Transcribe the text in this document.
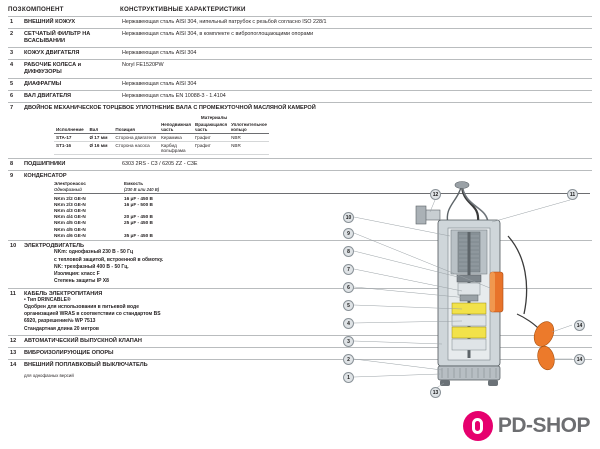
ПОЗ.
КОМПОНЕНТ	КОНСТРУКТИВНЫЕ ХАРАКТЕРИСТИКИ
1	ВНЕШНИЙ КОЖУХ	Нержавеющая сталь AISI 304, нипельный патрубок с резьбой согласно ISO 228/1
2	СЕТЧАТЫЙ ФИЛЬТР НА ВСАСЫВАНИИ	Нержавеющая сталь AISI 304, в комплекте с вибропоглощающими опорами
3	КОЖУХ ДВИГАТЕЛЯ	Нержавеющая сталь AISI 304
4	РАБОЧИЕ КОЛЕСА и ДИФФУЗОРЫ	Noryl FE1520PW
5	ДИАФРАГМЫ	Нержавеющая сталь AISI 304
6	ВАЛ ДВИГАТЕЛЯ	Нержавеющая сталь EN 10088-3 - 1.4104
7	ДВОЙНОЕ МЕХАНИЧЕСКОЕ ТОРЦЕВОЕ УПЛОТНЕНИЕ ВАЛА С ПРОМЕЖУТОЧНОЙ МАСЛЯНОЙ КАМЕРОЙ
Исполнение	Вал	Позиция	Материалы
Неподвижная часть	Вращающаяся часть	Уплотнительное кольцо
STA-17	Ø 17 мм	Сторона двигателя	Керамика	Графит	NBR
ST1-16	Ø 16 мм	Сторона насоса	Карбид вольфрама	Графит	NBR

8	ПОДШИПНИКИ	6303 2RS - C3 / 6205 ZZ - C3E
9	КОНДЕНСАТОР
Электронасос	Емкость
Однофазный	(230 В или 240 В)
NKm 2/2 GE-N	16 μF - 450 B
NKm 2/3 GE-N	16 μF - 500 B
NKm 4/3 GE-N
NKm 4/4 GE-N	20 μF - 450 B
NKm 4/5 GE-N	25 μF - 450 B
NKm 4/5 GE-N
NKm 4/6 GE-N	35 μF - 450 B

10	ЭЛЕКТРОДВИГАТЕЛЬ
NKm: однофазный 230 В - 50 Гц
с тепловой защитой, встроенной в обмотку.
NK: трехфазный 400 В - 50 Гц.
Изоляция: класс F
Степень защиты IP X8

11	КАБЕЛЬ ЭЛЕКТРОПИТАНИЯ
• Тип DRINCABLE®
Одобрен для использования в питьевой воде
организацией WRAS в соответствии со стандартом BS
6920, разрешение№ WP 7513
Стандартная длина 20 метров

12	АВТОМАТИЧЕСКИЙ ВЫПУСКНОЙ КЛАПАН
13	ВИБРОИЗОЛИРУЮЩИЕ ОПОРЫ
14	ВНЕШНИЙ ПОПЛАВКОВЫЙ ВЫКЛЮЧАТЕЛЬ
для однофазных версий
12	11
10
9
8
7
6
5
4
3
2
1
14
14
13
PD-SHOP
